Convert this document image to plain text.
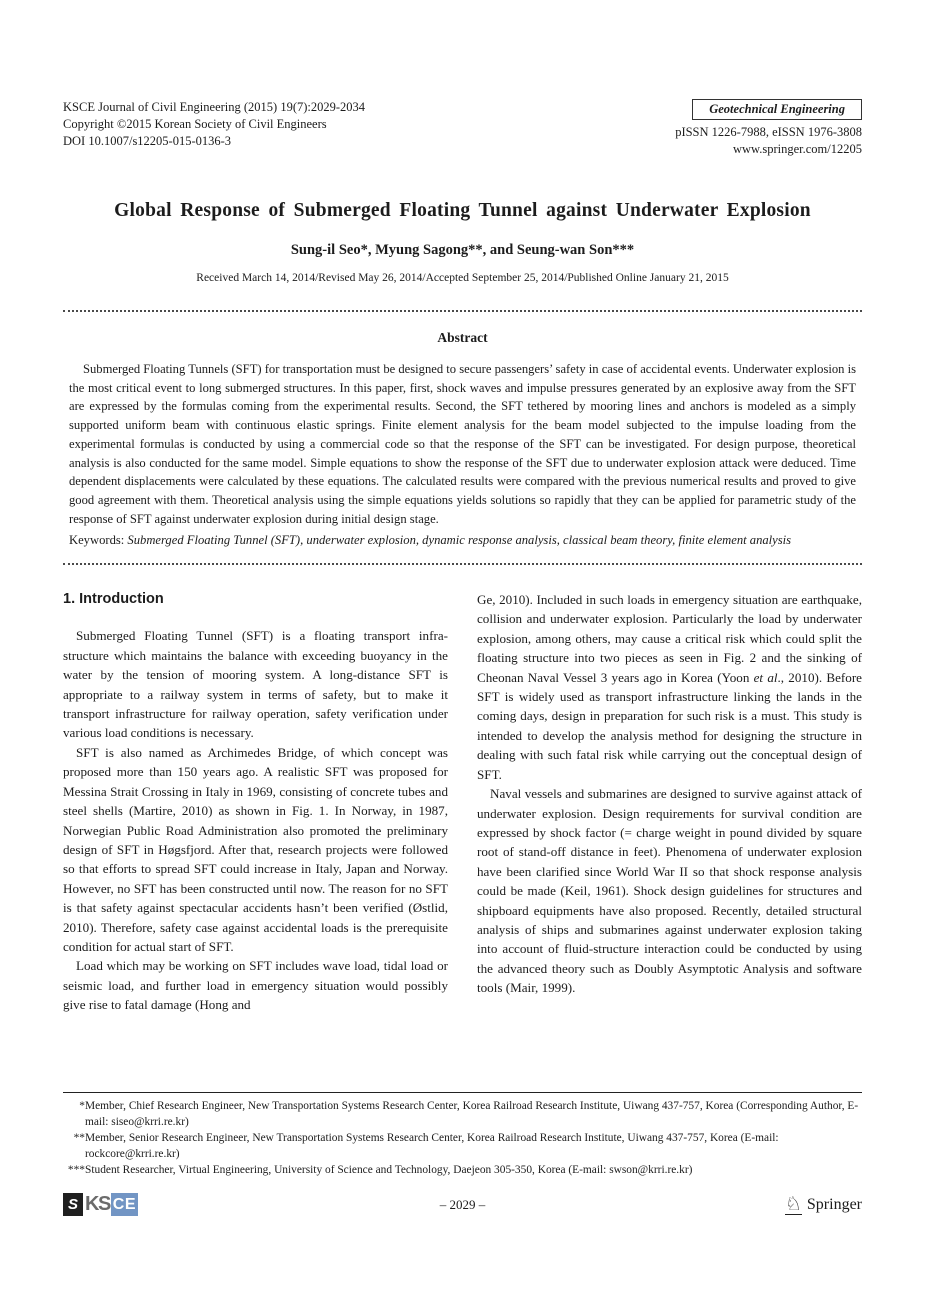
KSCE Journal of Civil Engineering (2015) 19(7):2029-2034
Copyright ©2015 Korean Society of Civil Engineers
DOI 10.1007/s12205-015-0136-3
Geotechnical Engineering
pISSN 1226-7988, eISSN 1976-3808
www.springer.com/12205
Global Response of Submerged Floating Tunnel against Underwater Explosion
Sung-il Seo*, Myung Sagong**, and Seung-wan Son***
Received March 14, 2014/Revised May 26, 2014/Accepted September 25, 2014/Published Online January 21, 2015
Abstract

Submerged Floating Tunnels (SFT) for transportation must be designed to secure passengers’ safety in case of accidental events. Underwater explosion is the most critical event to long submerged structures. In this paper, first, shock waves and impulse pressures generated by an explosive away from the SFT are expressed by the formulas coming from the experimental results. Second, the SFT tethered by mooring lines and anchors is modeled as a simply supported uniform beam with continuous elastic springs. Finite element analysis for the beam model subjected to the impulse loading from the experimental formulas is conducted by using a commercial code so that the response of the SFT can be investigated. For design purpose, theoretical analysis is also conducted for the same model. Simple equations to show the response of the SFT due to underwater explosion attack were deduced. Time dependent displacements were calculated by these equations. The calculated results were compared with the previous numerical results and proved to give good agreement with them. Theoretical analysis using the simple equations yields solutions so rapidly that they can be applied for parametric study of the response of SFT against underwater explosion during initial design stage.

Keywords: Submerged Floating Tunnel (SFT), underwater explosion, dynamic response analysis, classical beam theory, finite element analysis

1. Introduction

Submerged Floating Tunnel (SFT) is a floating transport infra-structure which maintains the balance with exceeding buoyancy in the water by the tension of mooring system. A long-distance SFT is appropriate to a railway system in terms of safety, but to make it transport infrastructure for railway operation, safety verification under various load conditions is necessary.

SFT is also named as Archimedes Bridge, of which concept was proposed more than 150 years ago. A realistic SFT was proposed for Messina Strait Crossing in Italy in 1969, consisting of concrete tubes and steel shells (Martire, 2010) as shown in Fig. 1. In Norway, in 1987, Norwegian Public Road Administration also promoted the preliminary design of SFT in Høgsfjord. After that, research projects were followed so that efforts to spread SFT could increase in Italy, Japan and Norway. However, no SFT has been constructed until now. The reason for no SFT is that safety against spectacular accidents hasn’t been verified (Østlid, 2010). Therefore, safety case against accidental loads is the prerequisite condition for actual start of SFT.

Load which may be working on SFT includes wave load, tidal load or seismic load, and further load in emergency situation would possibly give rise to fatal damage (Hong and

Ge, 2010). Included in such loads in emergency situation are earthquake, collision and underwater explosion. Particularly the load by underwater explosion, among others, may cause a critical risk which could split the floating structure into two pieces as seen in Fig. 2 and the sinking of Cheonan Naval Vessel 3 years ago in Korea (Yoon et al., 2010). Before SFT is widely used as transport infrastructure linking the lands in the coming days, design in preparation for such risk is a must. This study is intended to develop the analysis method for designing the structure in dealing with such fatal risk while carrying out the conceptual design of SFT.

Naval vessels and submarines are designed to survive against attack of underwater explosion. Design requirements for survival condition are expressed by shock factor (= charge weight in pound divided by square root of stand-off distance in feet). Phenomena of underwater explosion have been clarified since World War II so that shock response analysis could be made (Keil, 1961). Shock design guidelines for structures and shipboard equipments have also proposed. Recently, detailed structural analysis of ships and submarines against underwater explosion taking into account of fluid-structure interaction could be conducted by using the advanced theory such as Doubly Asymptotic Analysis and software tools (Mair, 1999).

* Member, Chief Research Engineer, New Transportation Systems Research Center, Korea Railroad Research Institute, Uiwang 437-757, Korea (Corresponding Author, E-mail: siseo@krri.re.kr)
** Member, Senior Research Engineer, New Transportation Systems Research Center, Korea Railroad Research Institute, Uiwang 437-757, Korea (E-mail: rockcore@krri.re.kr)
*** Student Researcher, Virtual Engineering, University of Science and Technology, Daejeon 305-350, Korea (E-mail: swson@krri.re.kr)
S KS CE	– 2029 –	♘ Springer
